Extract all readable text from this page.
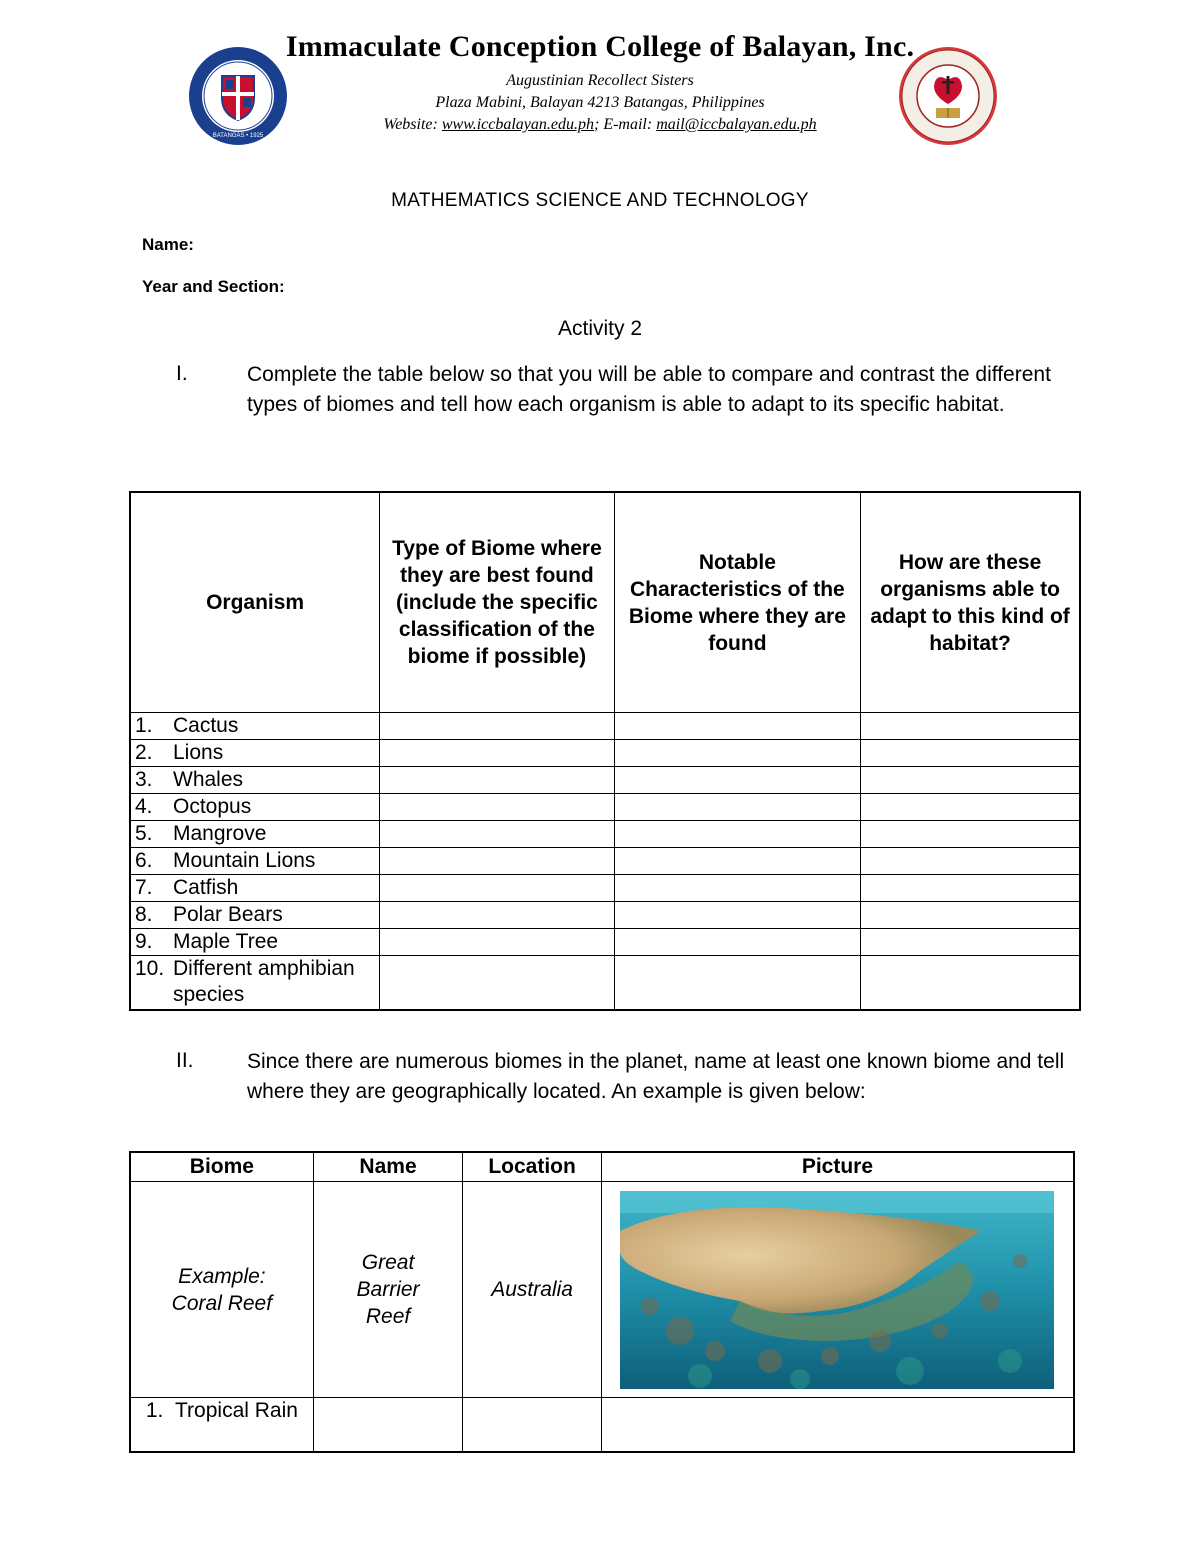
BATANGAS • 1925
Immaculate Conception College of Balayan, Inc.
Augustinian Recollect Sisters
Plaza Mabini, Balayan 4213 Batangas, Philippines
Website: www.iccbalayan.edu.ph; E-mail: mail@iccbalayan.edu.ph
MATHEMATICS SCIENCE AND TECHNOLOGY
Name:
Year and Section:
Activity 2
I.	Complete the table below so that you will be able to compare and contrast the different types of biomes and tell how each organism is able to adapt to its specific habitat.
Organism	Type of Biome where they are best found (include the specific classification of the biome if possible)	Notable Characteristics of the Biome where they are found	How are these organisms able to adapt to this kind of habitat?
1. Cactus			
2. Lions			
3. Whales			
4. Octopus			
5. Mangrove			
6. Mountain Lions			
7. Catfish			
8. Polar Bears			
9. Maple Tree			
10. Different amphibian species			
II.	Since there are numerous biomes in the planet, name at least one known biome and tell where they are geographically located. An example is given below:
Biome	Name	Location	Picture

Example:
Coral Reef	Great Barrier Reef	Australia	

1. Tropical Rain			
